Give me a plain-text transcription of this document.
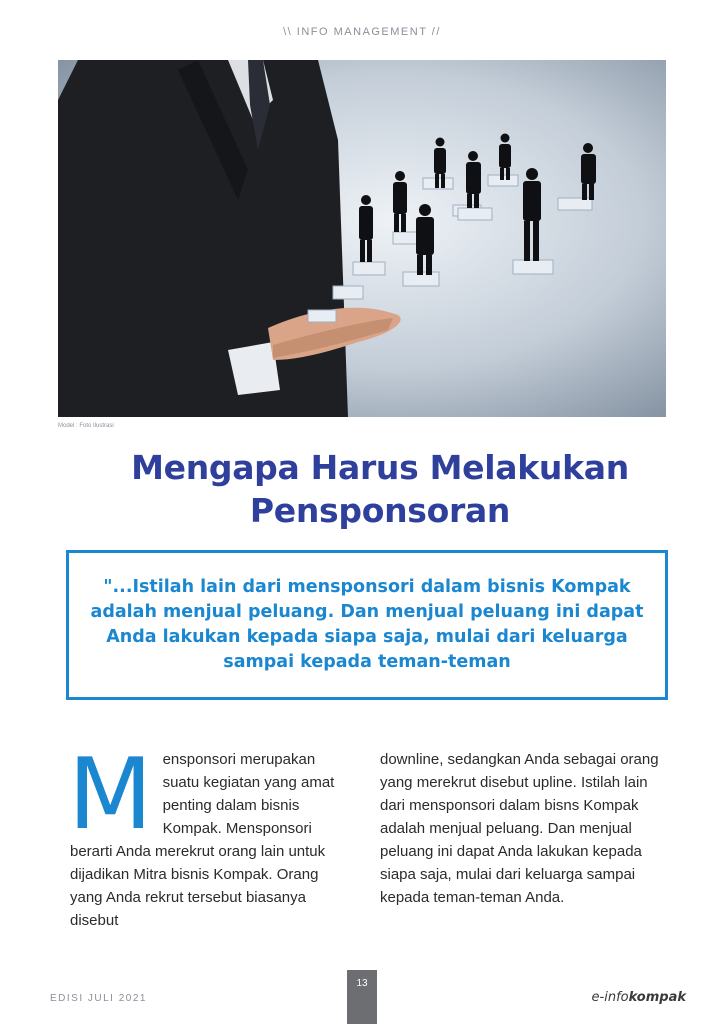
\\ INFO MANAGEMENT //
Model : Foto Ilustrasi
Mengapa Harus Melakukan
Pensponsoran
"...Istilah lain dari mensponsori dalam bisnis Kompak adalah menjual peluang. Dan menjual peluang ini dapat Anda lakukan kepada siapa saja, mulai dari keluarga sampai kepada teman-teman
M ensponsori merupakan suatu kegiatan yang amat penting dalam bisnis Kompak. Mensponsori berarti Anda merekrut orang lain untuk dijadikan Mitra bisnis Kompak. Orang yang Anda rekrut tersebut biasanya disebut

downline, sedangkan Anda sebagai orang yang merekrut disebut upline. Istilah lain dari mensponsori dalam bisns Kompak adalah menjual peluang. Dan menjual peluang ini dapat Anda lakukan kepada siapa saja, mulai dari keluarga sampai kepada teman-teman Anda.

EDISI JULI 2021
13
e-infokompak
